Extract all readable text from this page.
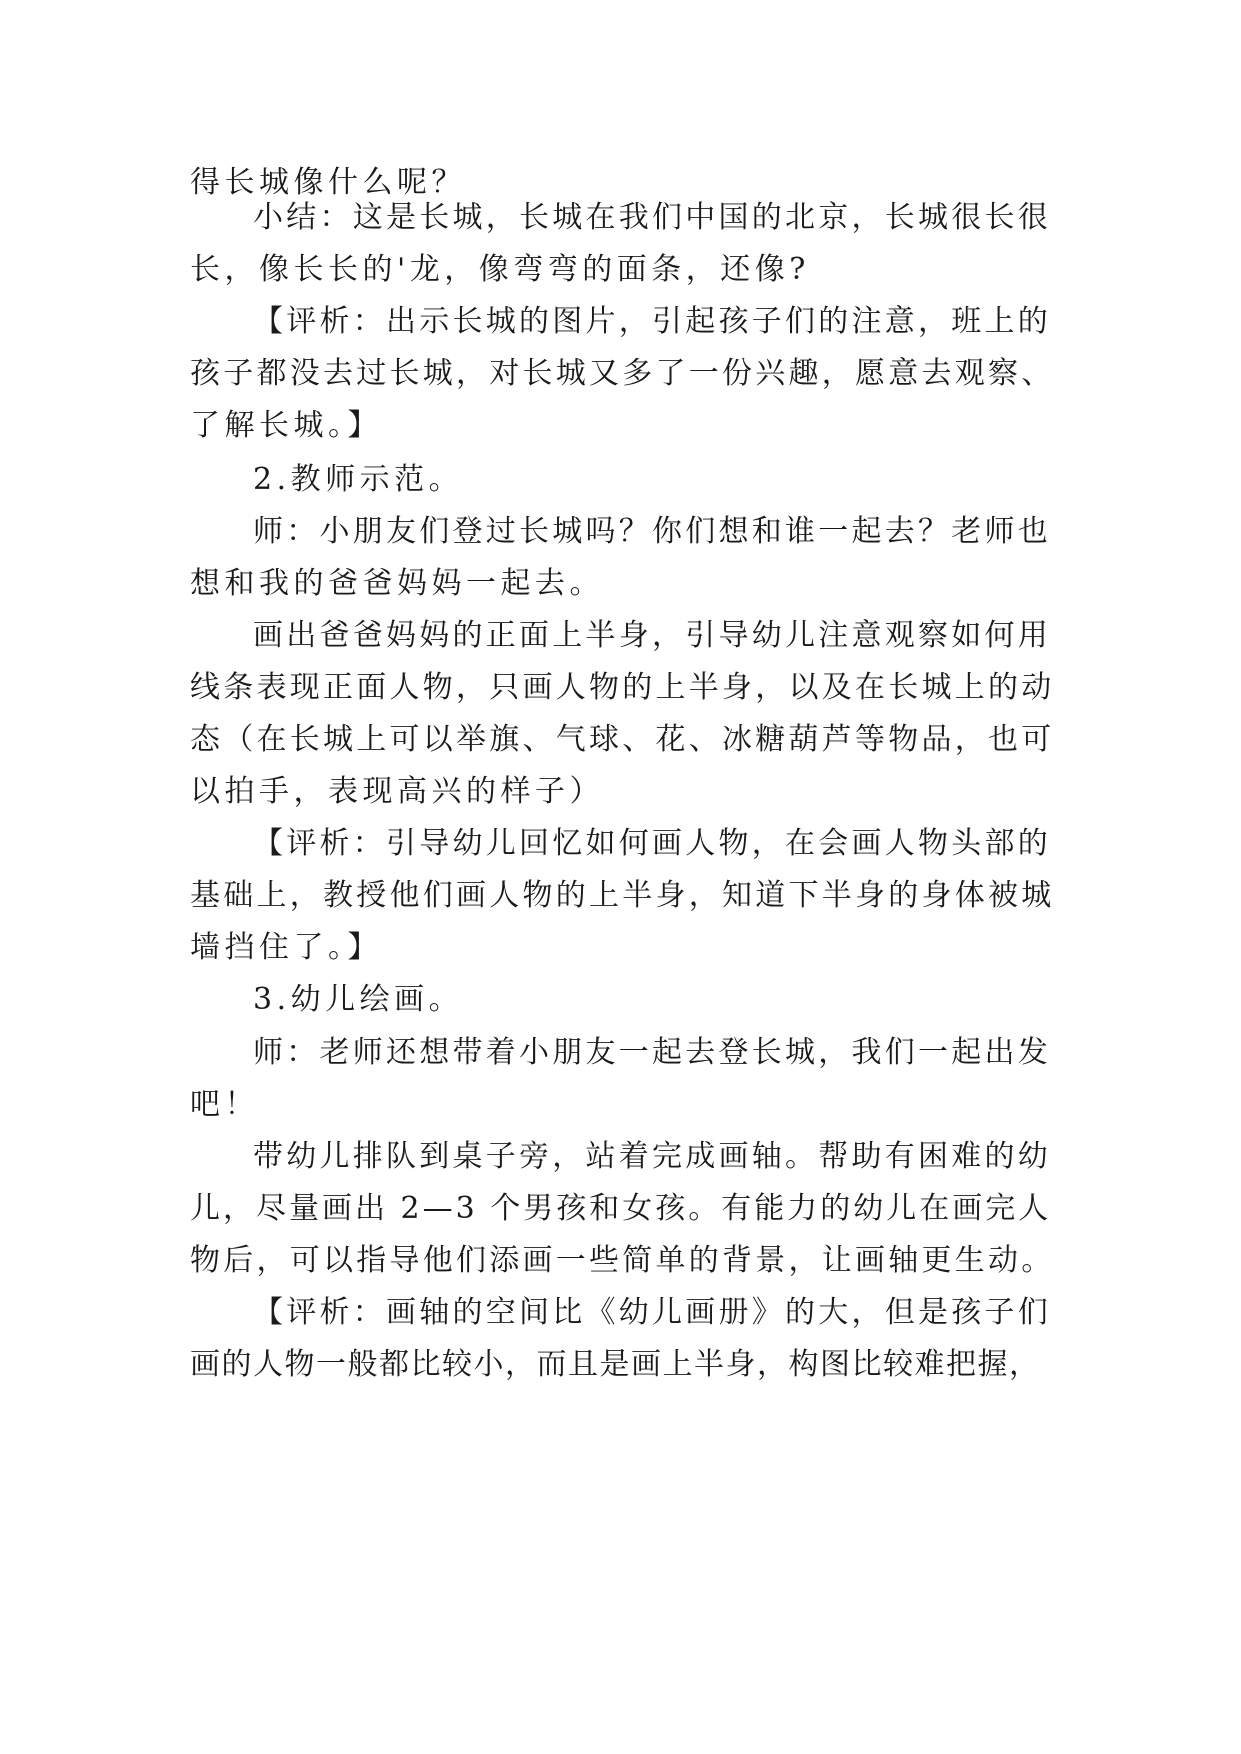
得长城像什么呢？

小结：这是长城，长城在我们中国的北京，长城很长很

长，像长长的'龙，像弯弯的面条，还像?

【评析：出示长城的图片，引起孩子们的注意，班上的

孩子都没去过长城，对长城又多了一份兴趣，愿意去观察、

了解长城。】

2.教师示范。

师：小朋友们登过长城吗？你们想和谁一起去？老师也

想和我的爸爸妈妈一起去。

画出爸爸妈妈的正面上半身，引导幼儿注意观察如何用

线条表现正面人物，只画人物的上半身，以及在长城上的动

态（在长城上可以举旗、气球、花、冰糖葫芦等物品，也可

以拍手，表现高兴的样子）

【评析：引导幼儿回忆如何画人物，在会画人物头部的

基础上，教授他们画人物的上半身，知道下半身的身体被城

墙挡住了。】

3.幼儿绘画。

师：老师还想带着小朋友一起去登长城，我们一起出发

吧！

带幼儿排队到桌子旁，站着完成画轴。帮助有困难的幼

儿，尽量画出 2—3 个男孩和女孩。有能力的幼儿在画完人

物后，可以指导他们添画一些简单的背景，让画轴更生动。

【评析：画轴的空间比《幼儿画册》的大，但是孩子们

画的人物一般都比较小，而且是画上半身，构图比较难把握，
